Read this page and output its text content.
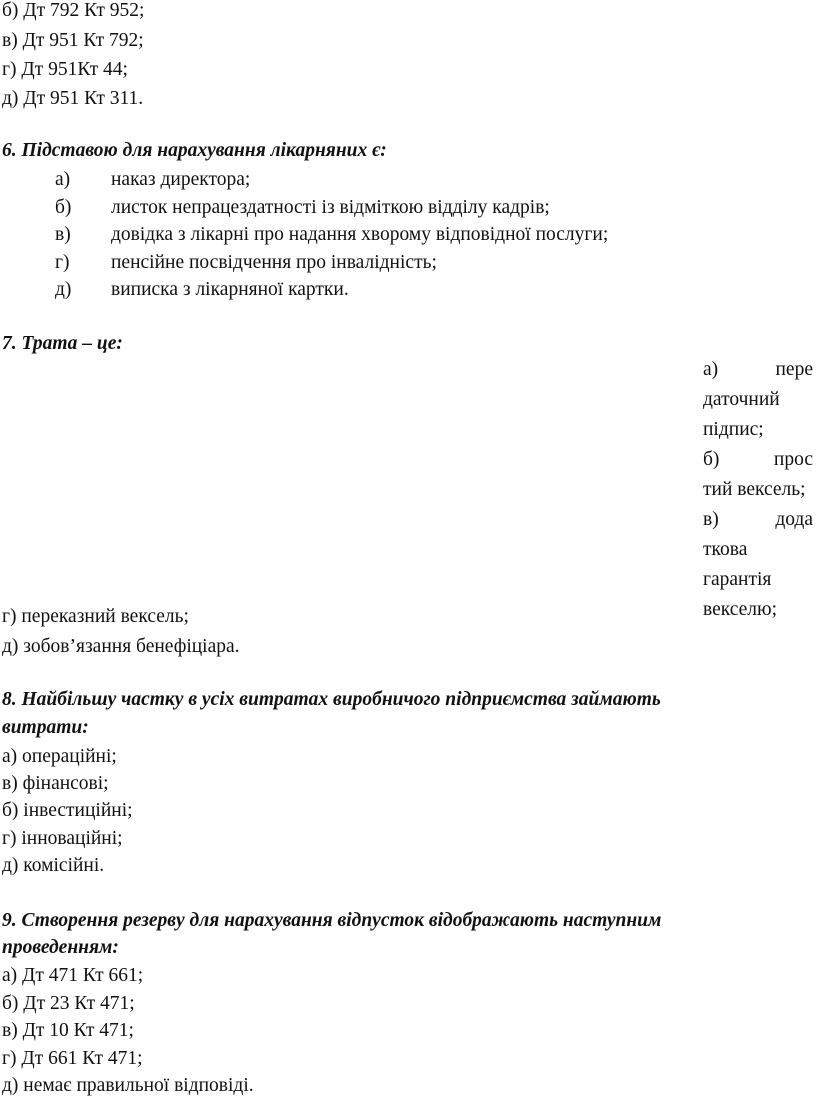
б) Дт 792 Кт 952;
в) Дт 951 Кт 792;
г) Дт 951Кт 44;
д) Дт 951 Кт 311.
6. Підставою для нарахування лікарняних є:
а) наказ директора;
б) листок непрацездатності із відміткою відділу кадрів;
в) довідка з лікарні про надання хворому відповідної послуги;
г) пенсійне посвідчення про інвалідність;
д) виписка з лікарняної картки.
7. Трата – це:
а)	пере
даточний
підпис;
б)	прос
тий вексель;
в)	дода
ткова
гарантія
векселю;
г) переказний вексель;
д) зобов’язання бенефіціара.
8. Найбільшу частку в усіх витратах виробничого підприємства займають
витрати:
а) операційні;
в) фінансові;
б) інвестиційні;
г) інноваційні;
д) комісійні.
9. Створення резерву для нарахування відпусток відображають наступним
проведенням:
а) Дт 471 Кт 661;
б) Дт 23 Кт 471;
в) Дт 10 Кт 471;
г) Дт 661 Кт 471;
д) немає правильної відповіді.
